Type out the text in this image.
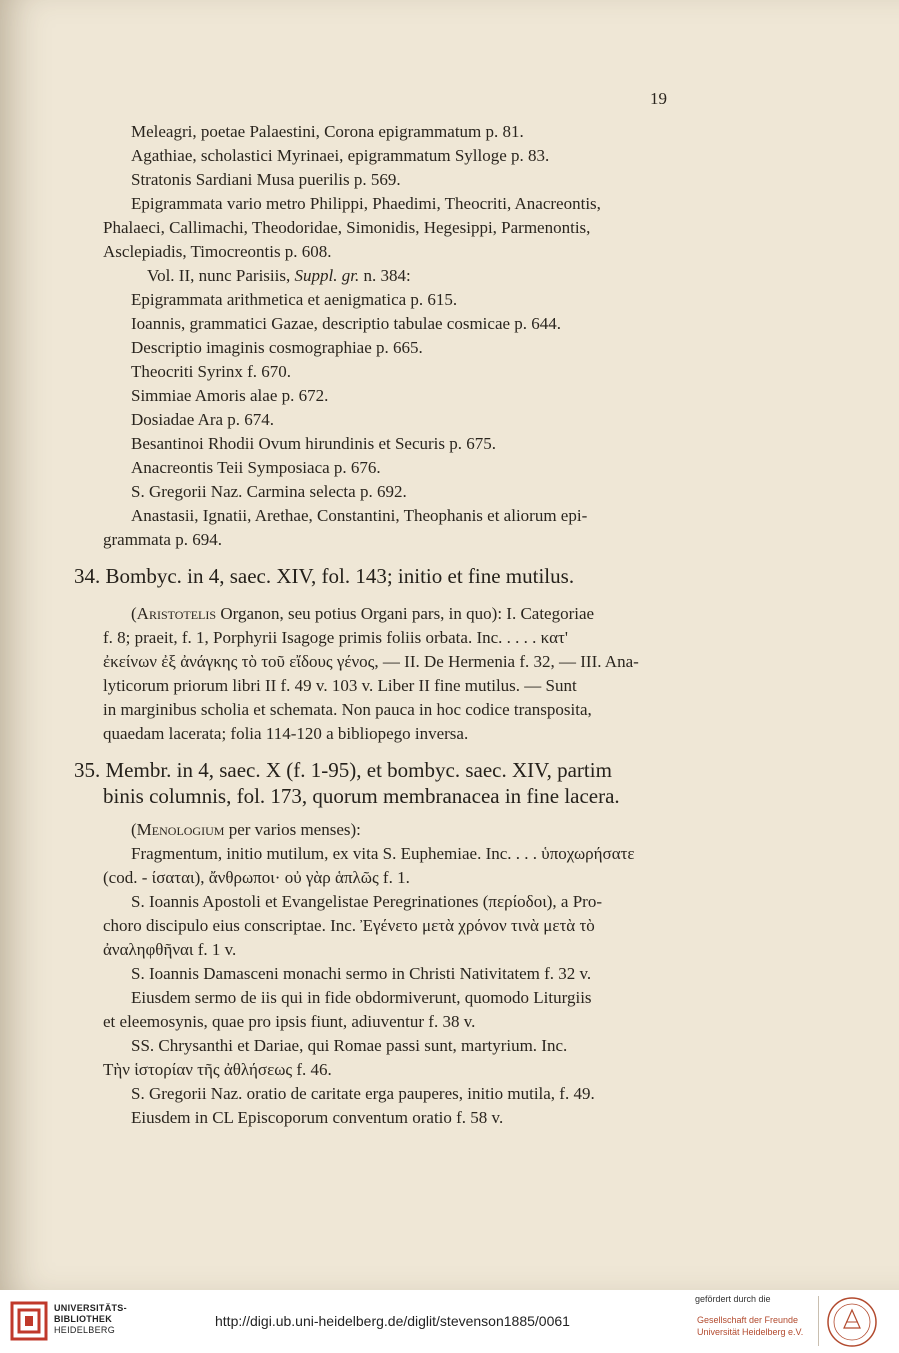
19
Meleagri, poetae Palaestini, Corona epigrammatum p. 81.
Agathiae, scholastici Myrinaei, epigrammatum Sylloge p. 83.
Stratonis Sardiani Musa puerilis p. 569.
Epigrammata vario metro Philippi, Phaedimi, Theocriti, Anacreontis,
Phalaeci, Callimachi, Theodoridae, Simonidis, Hegesippi, Parmenontis,
Asclepiadis, Timocreontis p. 608.
Vol. II, nunc Parisiis, Suppl. gr. n. 384:
Epigrammata arithmetica et aenigmatica p. 615.
Ioannis, grammatici Gazae, descriptio tabulae cosmicae p. 644.
Descriptio imaginis cosmographiae p. 665.
Theocriti Syrinx f. 670.
Simmiae Amoris alae p. 672.
Dosiadae Ara p. 674.
Besantinoi Rhodii Ovum hirundinis et Securis p. 675.
Anacreontis Teii Symposiaca p. 676.
S. Gregorii Naz. Carmina selecta p. 692.
Anastasii, Ignatii, Arethae, Constantini, Theophanis et aliorum epi-
grammata p. 694.
34. Bombyc. in 4, saec. XIV, fol. 143; initio et fine mutilus.
(Aristotelis Organon, seu potius Organi pars, in quo): I. Categoriae
f. 8; praeit, f. 1, Porphyrii Isagoge primis foliis orbata. Inc. . . . . κατ'
ἐκείνων ἐξ ἀνάγκης τὸ τοῦ εἴδους γένος, — II. De Hermenia f. 32, — III. Ana-
lyticorum priorum libri II f. 49 v. 103 v. Liber II fine mutilus. — Sunt
in marginibus scholia et schemata. Non pauca in hoc codice transposita,
quaedam lacerata; folia 114-120 a bibliopego inversa.
35. Membr. in 4, saec. X (f. 1-95), et bombyc. saec. XIV, partim
binis columnis, fol. 173, quorum membranacea in fine lacera.
(Menologium per varios menses):
Fragmentum, initio mutilum, ex vita S. Euphemiae. Inc. . . . ὑποχωρήσατε
(cod. - ίσαται), ἄνθρωποι· οὐ γὰρ ἁπλῶς f. 1.
S. Ioannis Apostoli et Evangelistae Peregrinationes (περίοδοι), a Pro-
choro discipulo eius conscriptae. Inc. Ἐγένετο μετὰ χρόνον τινὰ μετὰ τὸ
ἀναληφθῆναι f. 1 v.
S. Ioannis Damasceni monachi sermo in Christi Nativitatem f. 32 v.
Eiusdem sermo de iis qui in fide obdormiverunt, quomodo Liturgiis
et eleemosynis, quae pro ipsis fiunt, adiuventur f. 38 v.
SS. Chrysanthi et Dariae, qui Romae passi sunt, martyrium. Inc.
Τὴν ἱστορίαν τῆς ἀθλήσεως f. 46.
S. Gregorii Naz. oratio de caritate erga pauperes, initio mutila, f. 49.
Eiusdem in CL Episcoporum conventum oratio f. 58 v.
UNIVERSITÄTS-
BIBLIOTHEK
HEIDELBERG
http://digi.ub.uni-heidelberg.de/diglit/stevenson1885/0061
gefördert durch die
Gesellschaft der Freunde
Universität Heidelberg e.V.
